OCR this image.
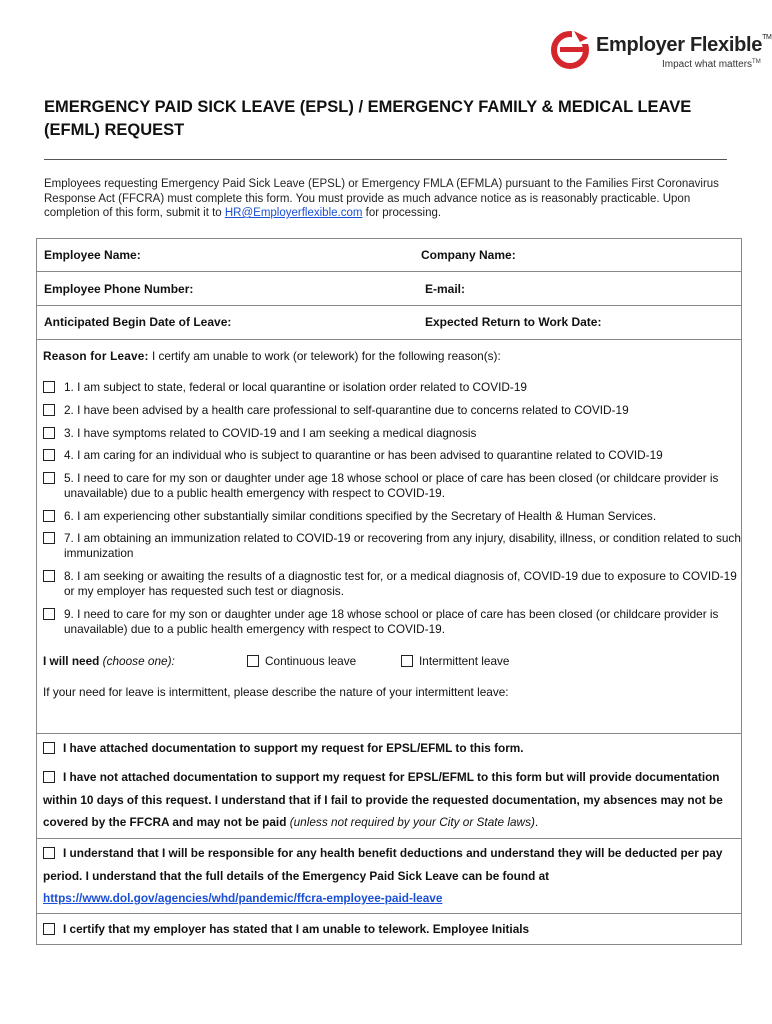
Employer Flexible™
Impact what matters™
EMERGENCY PAID SICK LEAVE (EPSL) / EMERGENCY FAMILY & MEDICAL LEAVE (EFML) REQUEST
Employees requesting Emergency Paid Sick Leave (EPSL) or Emergency FMLA (EFMLA) pursuant to the Families First Coronavirus Response Act (FFCRA) must complete this form. You must provide as much advance notice as is reasonably practicable. Upon completion of this form, submit it to HR@Employerflexible.com for processing.
Employee Name:	Company Name:
Employee Phone Number:	E-mail:
Anticipated Begin Date of Leave:	Expected Return to Work Date:
Reason for Leave: I certify am unable to work (or telework) for the following reason(s):
1. I am subject to state, federal or local quarantine or isolation order related to COVID-19
2. I have been advised by a health care professional to self-quarantine due to concerns related to COVID-19
3. I have symptoms related to COVID-19 and I am seeking a medical diagnosis
4. I am caring for an individual who is subject to quarantine or has been advised to quarantine related to COVID-19
5. I need to care for my son or daughter under age 18 whose school or place of care has been closed (or childcare provider is unavailable) due to a public health emergency with respect to COVID-19.
6. I am experiencing other substantially similar conditions specified by the Secretary of Health & Human Services.
7. I am obtaining an immunization related to COVID-19 or recovering from any injury, disability, illness, or condition related to such immunization
8. I am seeking or awaiting the results of a diagnostic test for, or a medical diagnosis of, COVID-19 due to exposure to COVID-19 or my employer has requested such test or diagnosis.
9. I need to care for my son or daughter under age 18 whose school or place of care has been closed (or childcare provider is unavailable) due to a public health emergency with respect to COVID-19.
I will need (choose one):	Continuous leave	Intermittent leave
If your need for leave is intermittent, please describe the nature of your intermittent leave:
I have attached documentation to support my request for EPSL/EFML to this form.
I have not attached documentation to support my request for EPSL/EFML to this form but will provide documentation within 10 days of this request. I understand that if I fail to provide the requested documentation, my absences may not be covered by the FFCRA and may not be paid (unless not required by your City or State laws).
I understand that I will be responsible for any health benefit deductions and understand they will be deducted per pay period. I understand that the full details of the Emergency Paid Sick Leave can be found at
https://www.dol.gov/agencies/whd/pandemic/ffcra-employee-paid-leave
I certify that my employer has stated that I am unable to telework. Employee Initials
